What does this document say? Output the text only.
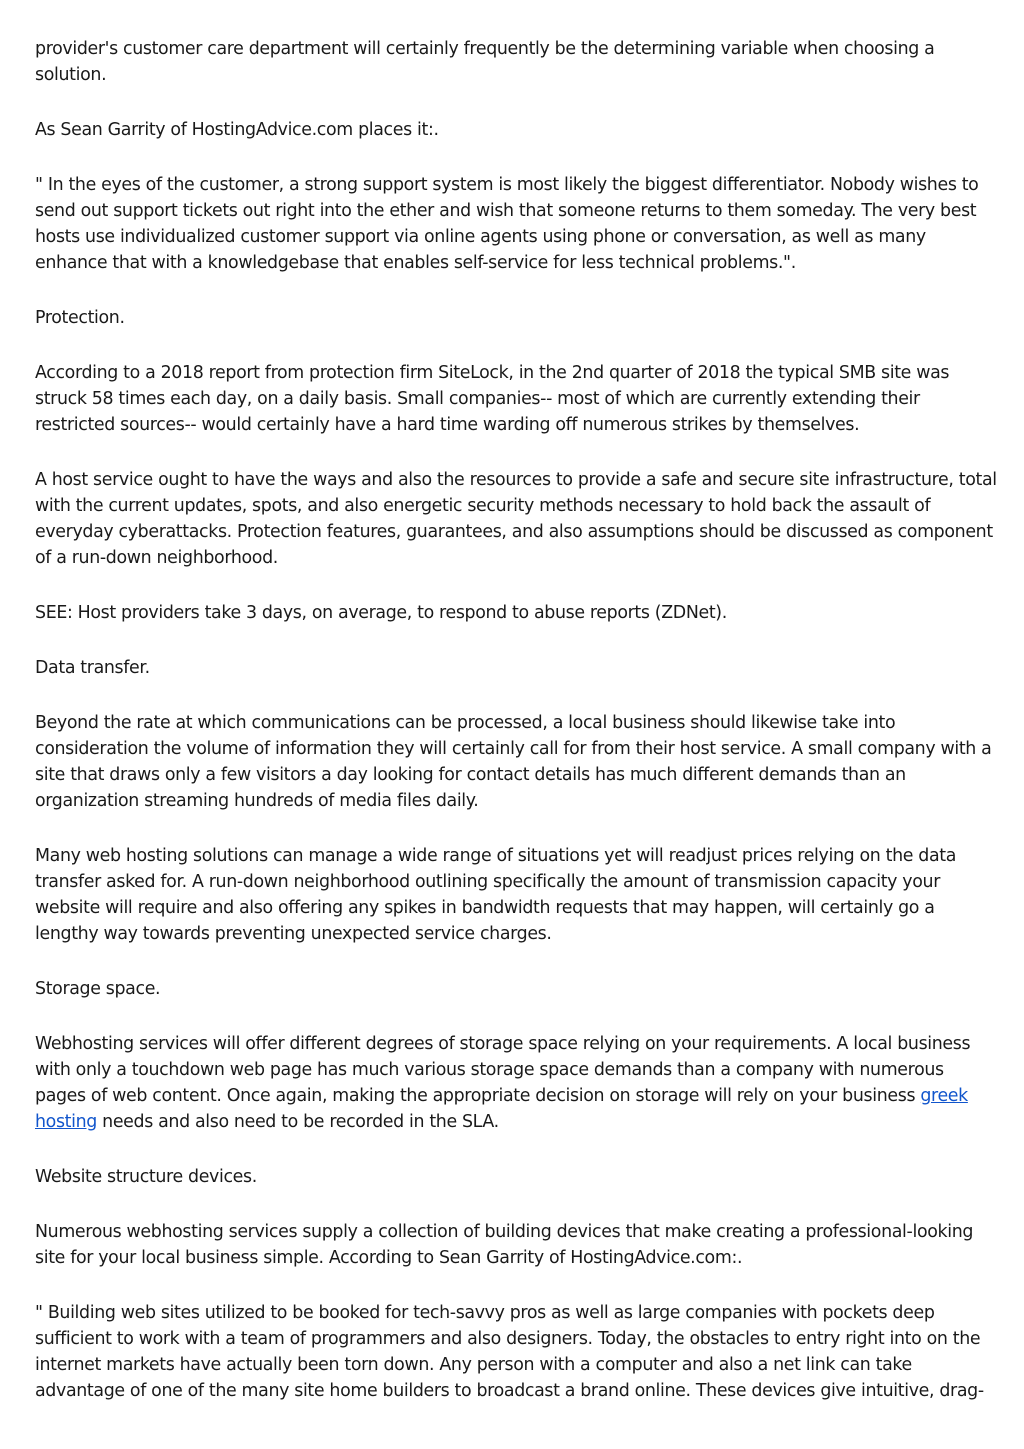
provider's customer care department will certainly frequently be the determining variable when choosing a solution.

As Sean Garrity of HostingAdvice.com places it:.

" In the eyes of the customer, a strong support system is most likely the biggest differentiator. Nobody wishes to send out support tickets out right into the ether and wish that someone returns to them someday. The very best hosts use individualized customer support via online agents using phone or conversation, as well as many enhance that with a knowledgebase that enables self-service for less technical problems.".

Protection.

According to a 2018 report from protection firm SiteLock, in the 2nd quarter of 2018 the typical SMB site was struck 58 times each day, on a daily basis. Small companies-- most of which are currently extending their restricted sources-- would certainly have a hard time warding off numerous strikes by themselves.

A host service ought to have the ways and also the resources to provide a safe and secure site infrastructure, total with the current updates, spots, and also energetic security methods necessary to hold back the assault of everyday cyberattacks. Protection features, guarantees, and also assumptions should be discussed as component of a run-down neighborhood.

SEE: Host providers take 3 days, on average, to respond to abuse reports (ZDNet).

Data transfer.

Beyond the rate at which communications can be processed, a local business should likewise take into consideration the volume of information they will certainly call for from their host service. A small company with a site that draws only a few visitors a day looking for contact details has much different demands than an organization streaming hundreds of media files daily.

Many web hosting solutions can manage a wide range of situations yet will readjust prices relying on the data transfer asked for. A run-down neighborhood outlining specifically the amount of transmission capacity your website will require and also offering any spikes in bandwidth requests that may happen, will certainly go a lengthy way towards preventing unexpected service charges.

Storage space.

Webhosting services will offer different degrees of storage space relying on your requirements. A local business with only a touchdown web page has much various storage space demands than a company with numerous pages of web content. Once again, making the appropriate decision on storage will rely on your business greek hosting needs and also need to be recorded in the SLA.

Website structure devices.

Numerous webhosting services supply a collection of building devices that make creating a professional-looking site for your local business simple. According to Sean Garrity of HostingAdvice.com:.

" Building web sites utilized to be booked for tech-savvy pros as well as large companies with pockets deep sufficient to work with a team of programmers and also designers. Today, the obstacles to entry right into on the internet markets have actually been torn down. Any person with a computer and also a net link can take advantage of one of the many site home builders to broadcast a brand online. These devices give intuitive, drag-
